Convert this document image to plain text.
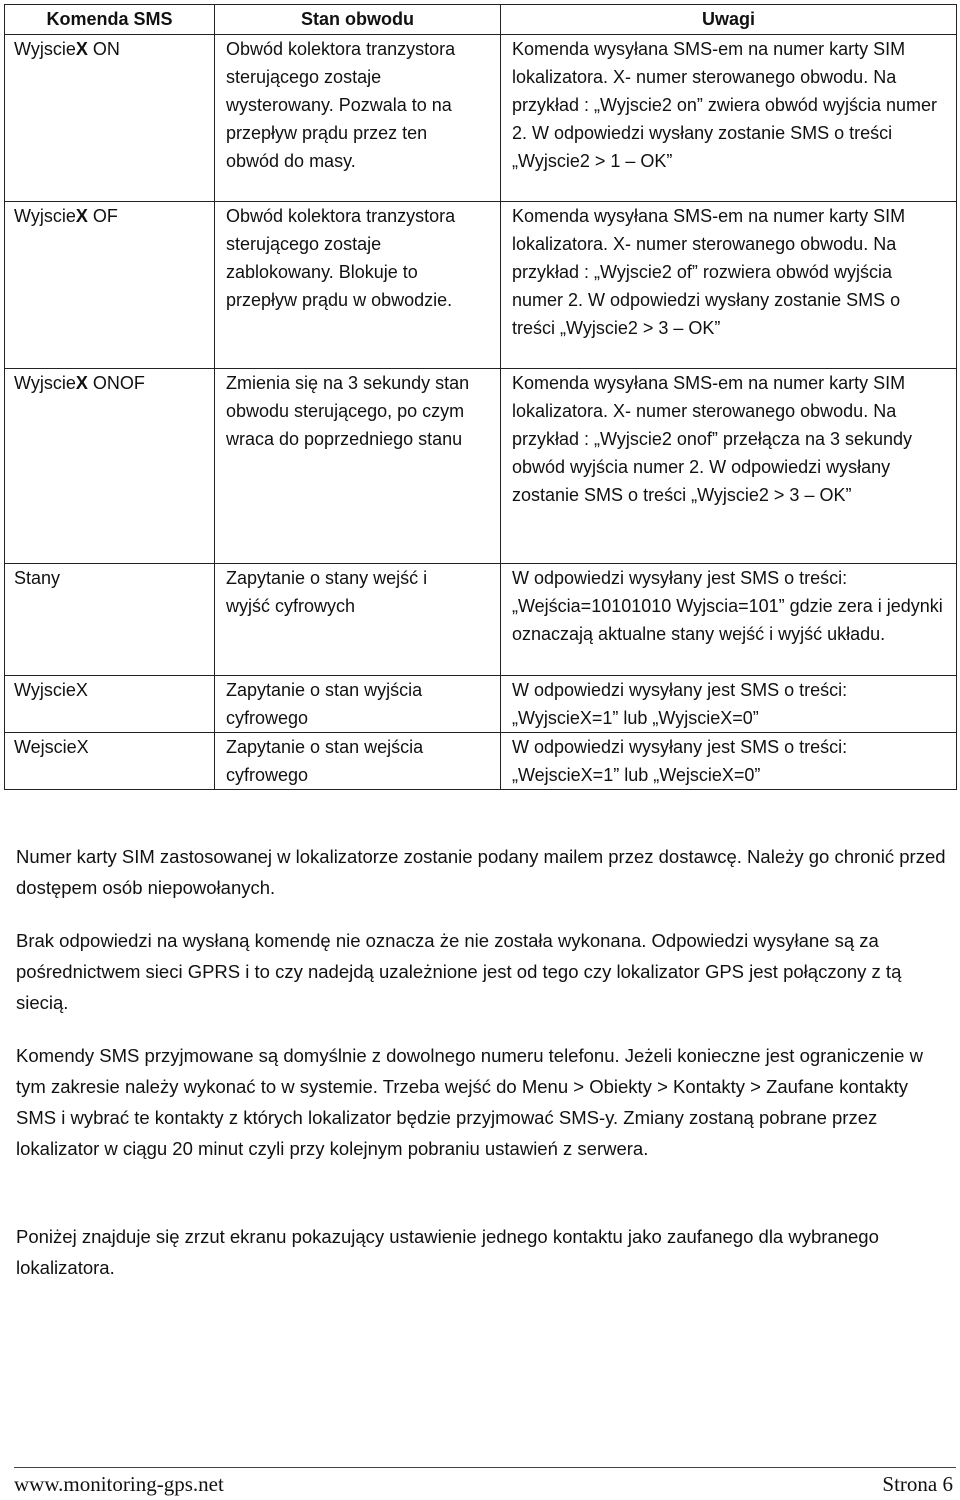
Komenda SMS	Stan obwodu	Uwagi
WyjscieX ON	Obwód kolektora tranzystora sterującego zostaje wysterowany. Pozwala to na przepływ prądu przez ten obwód do masy.	Komenda wysyłana SMS-em na numer karty SIM lokalizatora. X- numer sterowanego obwodu. Na przykład : „Wyjscie2 on” zwiera obwód wyjścia numer 2. W odpowiedzi wysłany zostanie SMS o treści „Wyjscie2 > 1 – OK”
WyjscieX OF	Obwód kolektora tranzystora sterującego zostaje zablokowany. Blokuje to przepływ prądu w obwodzie.	Komenda wysyłana SMS-em na numer karty SIM lokalizatora. X- numer sterowanego obwodu. Na przykład : „Wyjscie2 of” rozwiera obwód wyjścia numer 2. W odpowiedzi wysłany zostanie SMS o treści „Wyjscie2 > 3 – OK”
WyjscieX ONOF	Zmienia się na 3 sekundy stan obwodu sterującego, po czym wraca do poprzedniego stanu	Komenda wysyłana SMS-em na numer karty SIM lokalizatora. X- numer sterowanego obwodu. Na przykład : „Wyjscie2 onof” przełącza na 3 sekundy obwód wyjścia numer 2. W odpowiedzi wysłany zostanie SMS o treści „Wyjscie2 > 3 – OK”
Stany	Zapytanie o stany wejść i wyjść cyfrowych	W odpowiedzi wysyłany jest SMS o treści: „Wejścia=10101010 Wyjscia=101” gdzie zera i jedynki oznaczają aktualne stany wejść i wyjść układu.
WyjscieX	Zapytanie o stan wyjścia cyfrowego	W odpowiedzi wysyłany jest SMS o treści: „WyjscieX=1” lub „WyjscieX=0”
WejscieX	Zapytanie o stan wejścia cyfrowego	W odpowiedzi wysyłany jest SMS o treści: „WejscieX=1” lub „WejscieX=0”

Numer karty SIM zastosowanej w lokalizatorze zostanie podany mailem przez dostawcę. Należy go chronić przed dostępem osób niepowołanych.

Brak odpowiedzi na wysłaną komendę nie oznacza że nie została wykonana. Odpowiedzi wysyłane są za pośrednictwem sieci GPRS i to czy nadejdą uzależnione jest od tego czy lokalizator GPS jest połączony z tą siecią.

Komendy SMS przyjmowane są domyślnie z dowolnego numeru telefonu. Jeżeli konieczne jest ograniczenie w tym zakresie należy wykonać to w systemie. Trzeba wejść do Menu > Obiekty > Kontakty > Zaufane kontakty SMS i wybrać te kontakty z których lokalizator będzie przyjmować SMS-y. Zmiany zostaną pobrane przez lokalizator w ciągu 20 minut czyli przy kolejnym pobraniu ustawień z serwera.

Poniżej znajduje się zrzut ekranu pokazujący ustawienie jednego kontaktu jako zaufanego dla wybranego lokalizatora.

www.monitoring-gps.net	Strona 6
